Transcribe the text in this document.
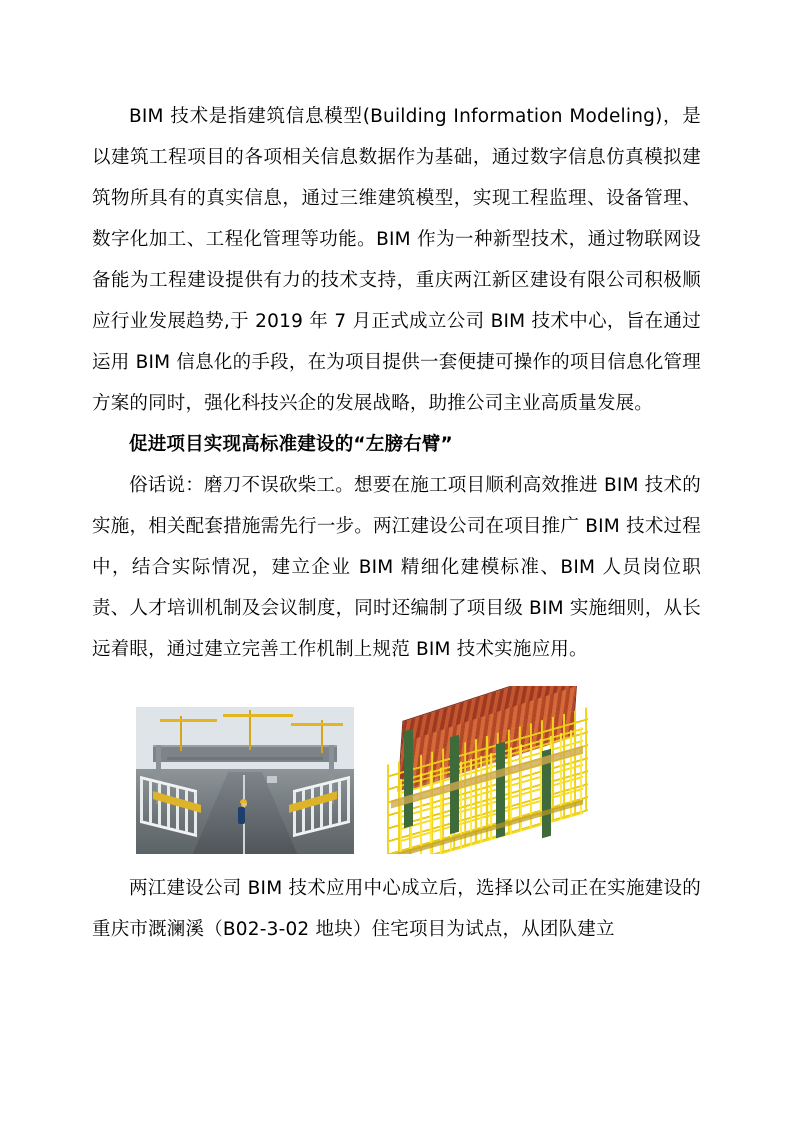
BIM 技术是指建筑信息模型(Building Information Modeling)，是以建筑工程项目的各项相关信息数据作为基础，通过数字信息仿真模拟建筑物所具有的真实信息，通过三维建筑模型，实现工程监理、设备管理、数字化加工、工程化管理等功能。BIM 作为一种新型技术，通过物联网设备能为工程建设提供有力的技术支持，重庆两江新区建设有限公司积极顺应行业发展趋势,于 2019 年 7 月正式成立公司 BIM 技术中心，旨在通过运用 BIM 信息化的手段，在为项目提供一套便捷可操作的项目信息化管理方案的同时，强化科技兴企的发展战略，助推公司主业高质量发展。

促进项目实现高标准建设的“左膀右臂”

俗话说：磨刀不误砍柴工。想要在施工项目顺利高效推进 BIM 技术的实施，相关配套措施需先行一步。两江建设公司在项目推广 BIM 技术过程中，结合实际情况，建立企业 BIM 精细化建模标准、BIM 人员岗位职责、人才培训机制及会议制度，同时还编制了项目级 BIM 实施细则，从长远着眼，通过建立完善工作机制上规范 BIM 技术实施应用。

两江建设公司 BIM 技术应用中心成立后，选择以公司正在实施建设的重庆市溉澜溪（B02-3-02 地块）住宅项目为试点，从团队建立
